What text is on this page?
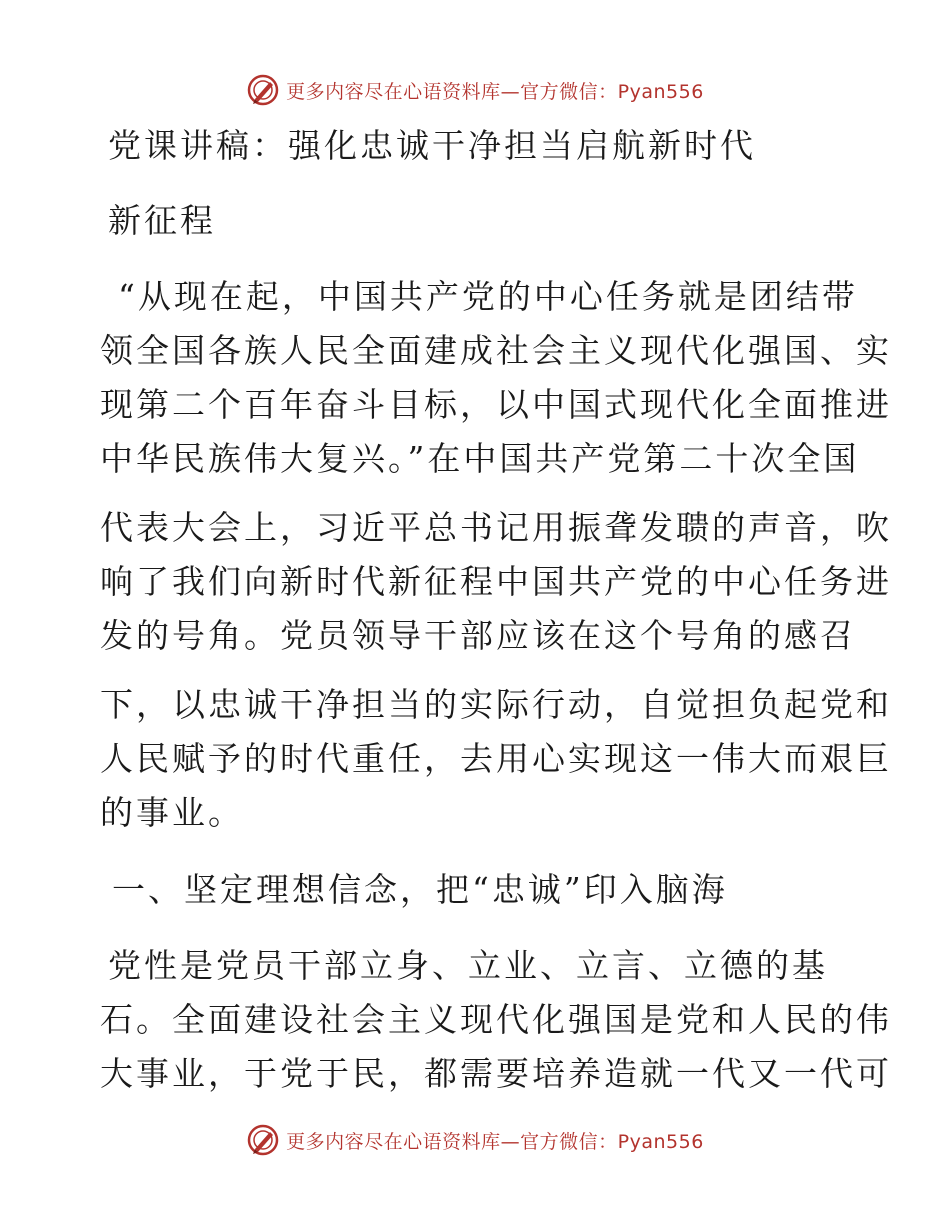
更多内容尽在心语资料库—官方微信：Pyan556
党课讲稿：强化忠诚干净担当启航新时代
新征程
“从现在起，中国共产党的中心任务就是团结带
领全国各族人民全面建成社会主义现代化强国、实
现第二个百年奋斗目标，以中国式现代化全面推进
中华民族伟大复兴。”在中国共产党第二十次全国
代表大会上，习近平总书记用振聋发聩的声音，吹
响了我们向新时代新征程中国共产党的中心任务进
发的号角。党员领导干部应该在这个号角的感召
下，以忠诚干净担当的实际行动，自觉担负起党和
人民赋予的时代重任，去用心实现这一伟大而艰巨
的事业。
一、坚定理想信念，把“忠诚”印入脑海
党性是党员干部立身、立业、立言、立德的基
石。全面建设社会主义现代化强国是党和人民的伟
大事业，于党于民，都需要培养造就一代又一代可
更多内容尽在心语资料库—官方微信：Pyan556
